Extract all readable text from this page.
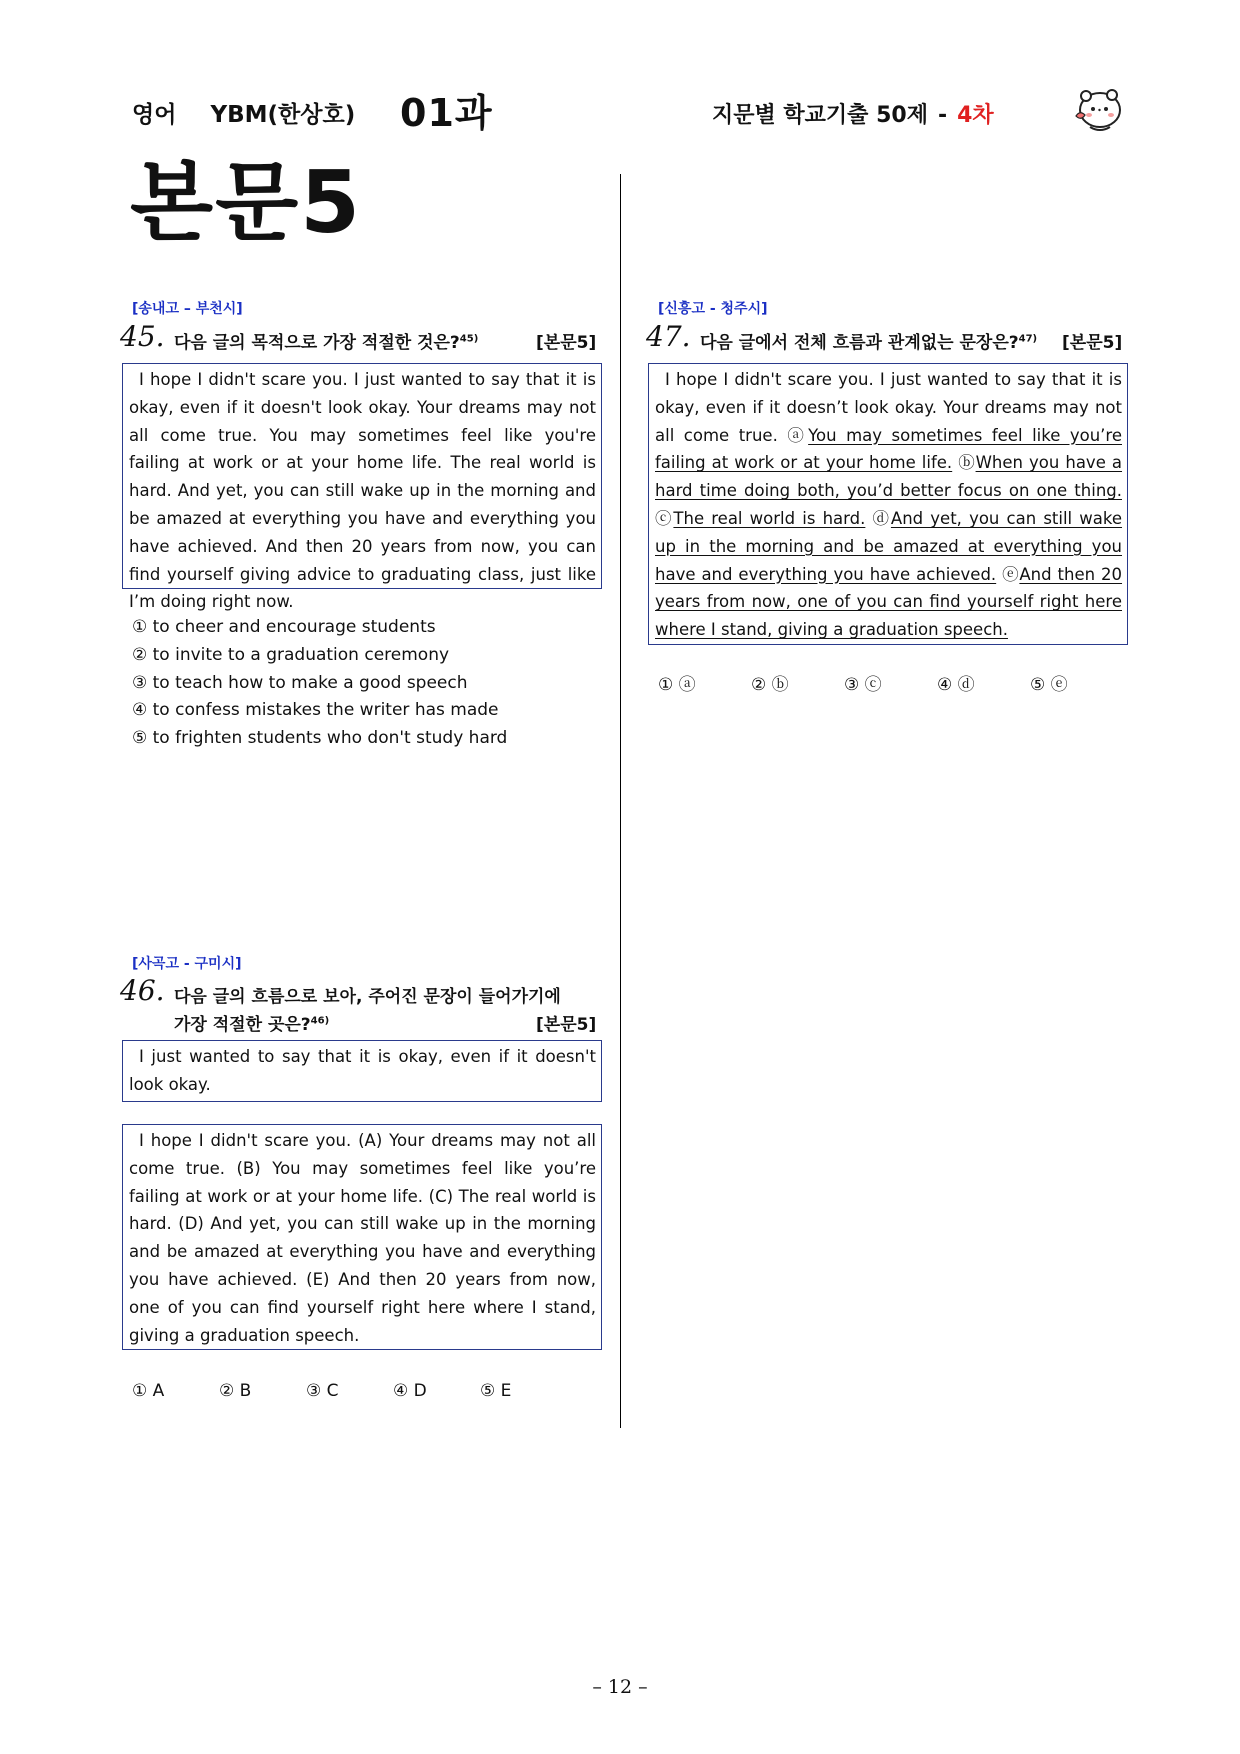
영어 YBM(한상호) 01과	지문별 학교기출 50제 - 4차
본문5
[송내고 – 부천시]
45. 다음 글의 목적으로 가장 적절한 것은?$^{45)}$	[본문5]
I hope I didn't scare you. I just wanted to say that it is okay, even if it doesn't look okay. Your dreams may not all come true. You may sometimes feel like you're failing at work or at your home life. The real world is hard. And yet, you can still wake up in the morning and be amazed at everything you have and everything you have achieved. And then 20 years from now, you can find yourself giving advice to graduating class, just like I’m doing right now.
① to cheer and encourage students
② to invite to a graduation ceremony
③ to teach how to make a good speech
④ to confess mistakes the writer has made
⑤ to frighten students who don't study hard
[사곡고 - 구미시]
46. 다음 글의 흐름으로 보아, 주어진 문장이 들어가기에
가장 적절한 곳은?$^{46)}$	[본문5]
I just wanted to say that it is okay, even if it doesn't look okay.
I hope I didn't scare you. (A) Your dreams may not all come true. (B) You may sometimes feel like you’re failing at work or at your home life. (C) The real world is hard. (D) And yet, you can still wake up in the morning and be amazed at everything you have and everything you have achieved. (E) And then 20 years from now, one of you can find yourself right here where I stand, giving a graduation speech.
① A	② B	③ C	④ D	⑤ E
[신흥고 - 청주시]
47. 다음 글에서 전체 흐름과 관계없는 문장은?$^{47)}$ [본문5]
I hope I didn't scare you. I just wanted to say that it is okay, even if it doesn’t look okay. Your dreams may not all come true. ⓐYou may sometimes feel like you’re failing at work or at your home life. ⓑWhen you have a hard time doing both, you’d better focus on one thing. ⓒThe real world is hard. ⓓAnd yet, you can still wake up in the morning and be amazed at everything you have and everything you have achieved. ⓔAnd then 20 years from now, one of you can find yourself right here where I stand, giving a graduation speech.
① ⓐ	② ⓑ	③ ⓒ	④ ⓓ	⑤ ⓔ
– 12 –
